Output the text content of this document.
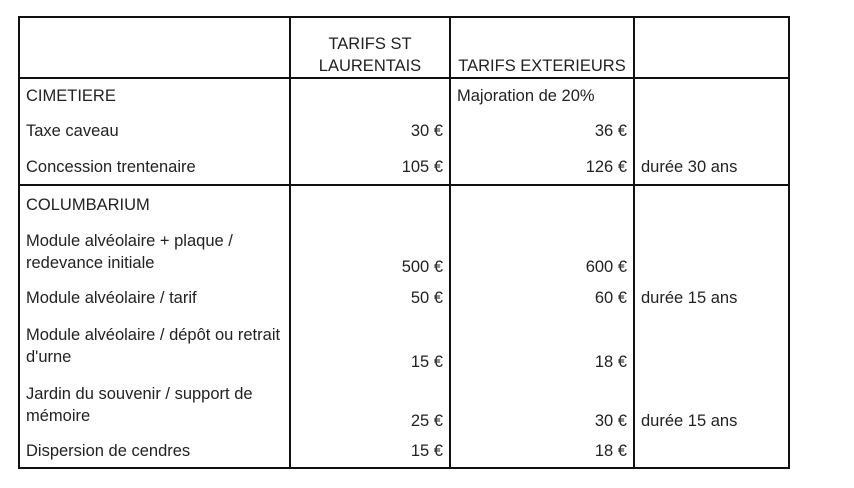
	TARIFS ST LAURENTAIS	TARIFS EXTERIEURS	
CIMETIERE		Majoration de 20%	
Taxe caveau	30 €	36 €	
Concession trentenaire	105 €	126 €	durée 30 ans
COLUMBARIUM			
Module alvéolaire + plaque / redevance initiale	500 €	600 €	
Module alvéolaire / tarif	50 €	60 €	durée 15 ans
Module alvéolaire / dépôt ou retrait d'urne	15 €	18 €	
Jardin du souvenir / support de mémoire	25 €	30 €	durée 15 ans
Dispersion de cendres	15 €	18 €	
